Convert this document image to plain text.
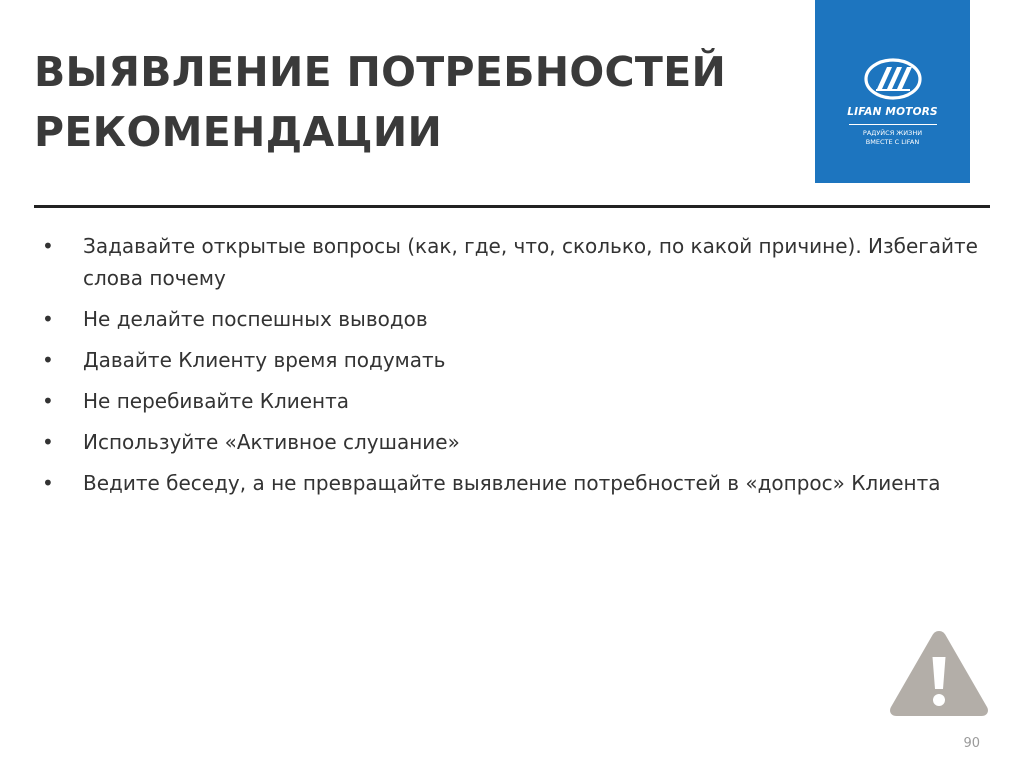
ВЫЯВЛЕНИЕ ПОТРЕБНОСТЕЙ
РЕКОМЕНДАЦИИ	LIFAN MOTORS
РАДУЙСЯ ЖИЗНИ
ВМЕСТЕ С LIFAN
• Задавайте открытые вопросы (как, где, что, сколько, по какой причине). Избегайте слова почему
• Не делайте поспешных выводов
• Давайте Клиенту время подумать
• Не перебивайте Клиента
• Используйте «Активное слушание»
• Ведите беседу, а не превращайте выявление потребностей в «допрос» Клиента
90
